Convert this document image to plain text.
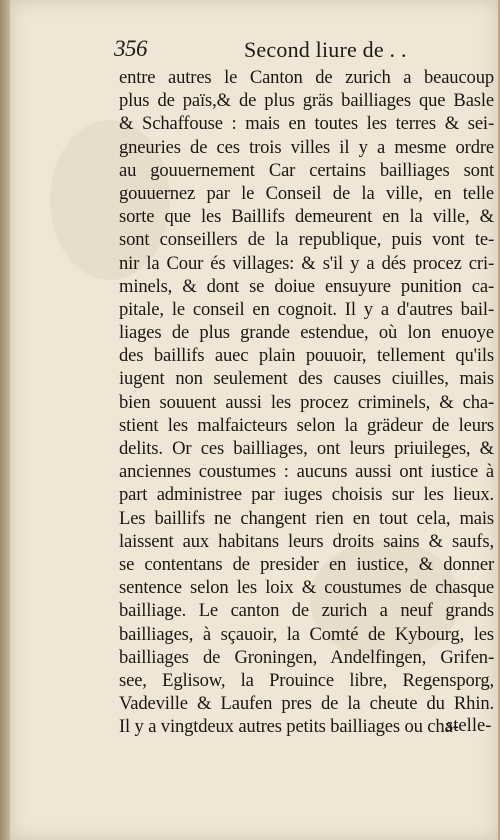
356	Second liure de . .
entre autres le Canton de zurich a beaucoup
plus de païs,& de plus gräs bailliages que Basle
& Schaffouse : mais en toutes les terres & sei-
gneuries de ces trois villes il y a mesme ordre
au gouuernement Car certains bailliages sont
gouuernez par le Conseil de la ville, en telle
sorte que les Baillifs demeurent en la ville, &
sont conseillers de la republique, puis vont te-
nir la Cour és villages: & s'il y a dés procez cri-
minels, & dont se doiue ensuyure punition ca-
pitale, le conseil en cognoit. Il y a d'autres bail-
liages de plus grande estendue, où lon enuoye
des baillifs auec plain pouuoir, tellement qu'ils
iugent non seulement des causes ciuilles, mais
bien souuent aussi les procez criminels, & cha-
stient les malfaicteurs selon la grädeur de leurs
delits. Or ces bailliages, ont leurs priuileges, &
anciennes coustumes : aucuns aussi ont iustice à
part administree par iuges choisis sur les lieux.
Les baillifs ne changent rien en tout cela, mais
laissent aux habitans leurs droits sains & saufs,
se contentans de presider en iustice, & donner
sentence selon les loix & coustumes de chasque
bailliage. Le canton de zurich a neuf grands
bailliages, à sçauoir, la Comté de Kybourg, les
bailliages de Groningen, Andelfingen, Grifen-
see, Eglisow, la Prouince libre, Regensporg,
Vadeville & Laufen pres de la cheute du Rhin.
Il y a vingtdeux autres petits bailliages ou cha-
stelle-
